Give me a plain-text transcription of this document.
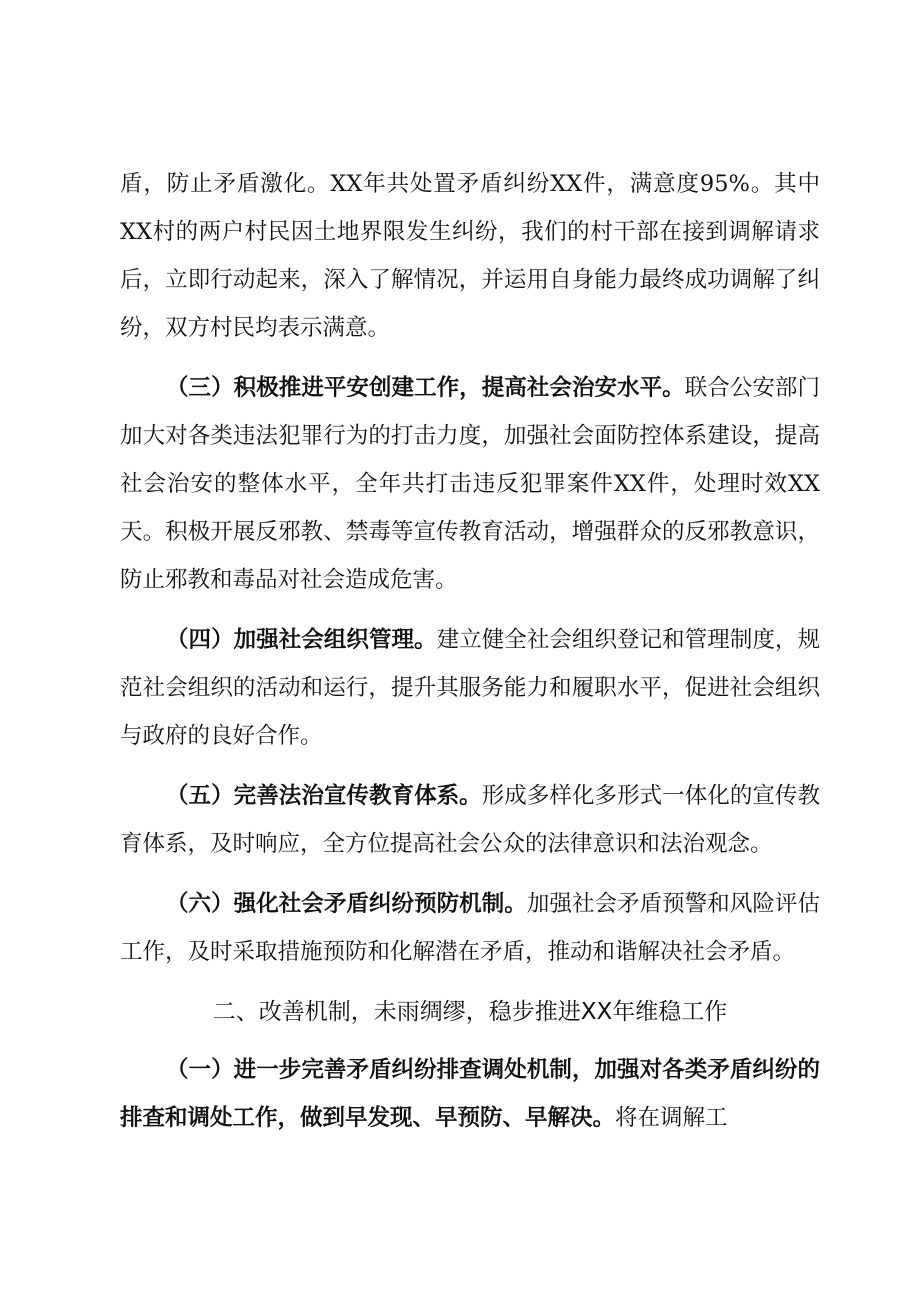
盾，防止矛盾激化。XX年共处置矛盾纠纷XX件，满意度95%。其中XX村的两户村民因土地界限发生纠纷，我们的村干部在接到调解请求后，立即行动起来，深入了解情况，并运用自身能力最终成功调解了纠纷，双方村民均表示满意。

（三）积极推进平安创建工作，提高社会治安水平。联合公安部门加大对各类违法犯罪行为的打击力度，加强社会面防控体系建设，提高社会治安的整体水平，全年共打击违反犯罪案件XX件，处理时效XX天。积极开展反邪教、禁毒等宣传教育活动，增强群众的反邪教意识，防止邪教和毒品对社会造成危害。

（四）加强社会组织管理。建立健全社会组织登记和管理制度，规范社会组织的活动和运行，提升其服务能力和履职水平，促进社会组织与政府的良好合作。

（五）完善法治宣传教育体系。形成多样化多形式一体化的宣传教育体系，及时响应，全方位提高社会公众的法律意识和法治观念。

（六）强化社会矛盾纠纷预防机制。加强社会矛盾预警和风险评估工作，及时采取措施预防和化解潜在矛盾，推动和谐解决社会矛盾。

二、改善机制，未雨绸缪，稳步推进XX年维稳工作

（一）进一步完善矛盾纠纷排查调处机制，加强对各类矛盾纠纷的排查和调处工作，做到早发现、早预防、早解决。将在调解工
